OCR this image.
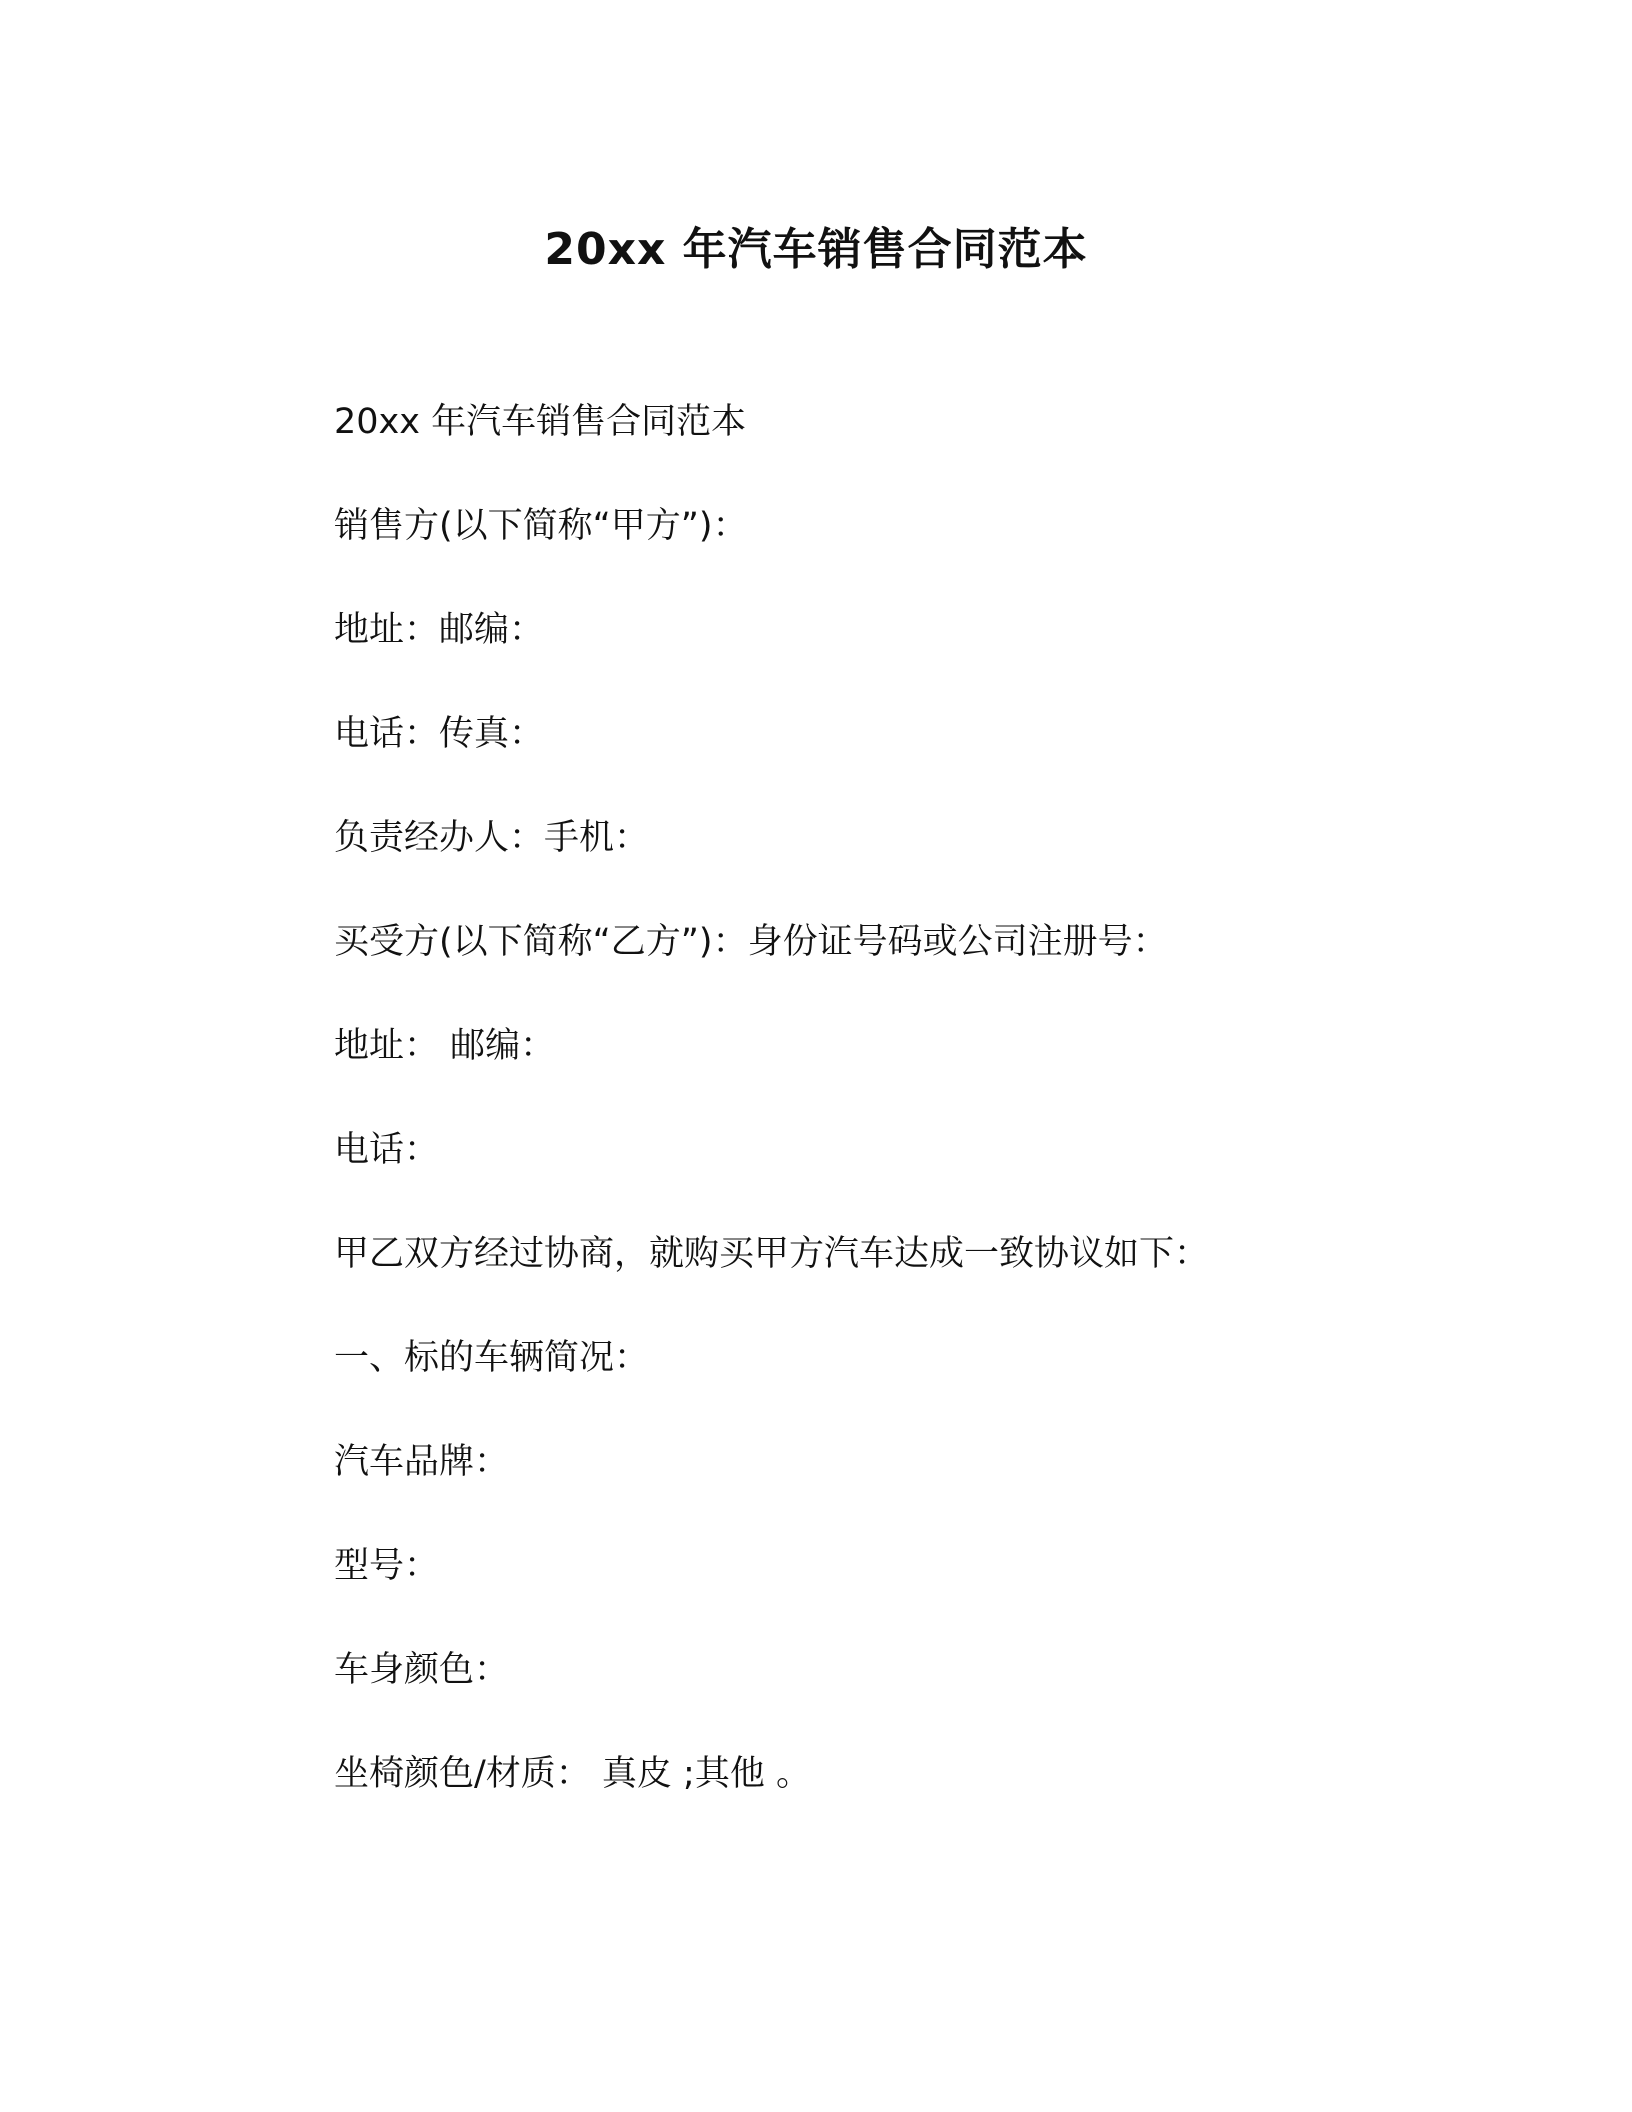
20xx 年汽车销售合同范本
20xx 年汽车销售合同范本
销售方(以下简称“甲方”)：
地址：邮编：
电话：传真：
负责经办人：手机：
买受方(以下简称“乙方”)：身份证号码或公司注册号：
地址： 邮编：
电话：
甲乙双方经过协商，就购买甲方汽车达成一致协议如下：
一、标的车辆简况：
汽车品牌：
型号：
车身颜色：
坐椅颜色/材质： 真皮 ;其他 。
